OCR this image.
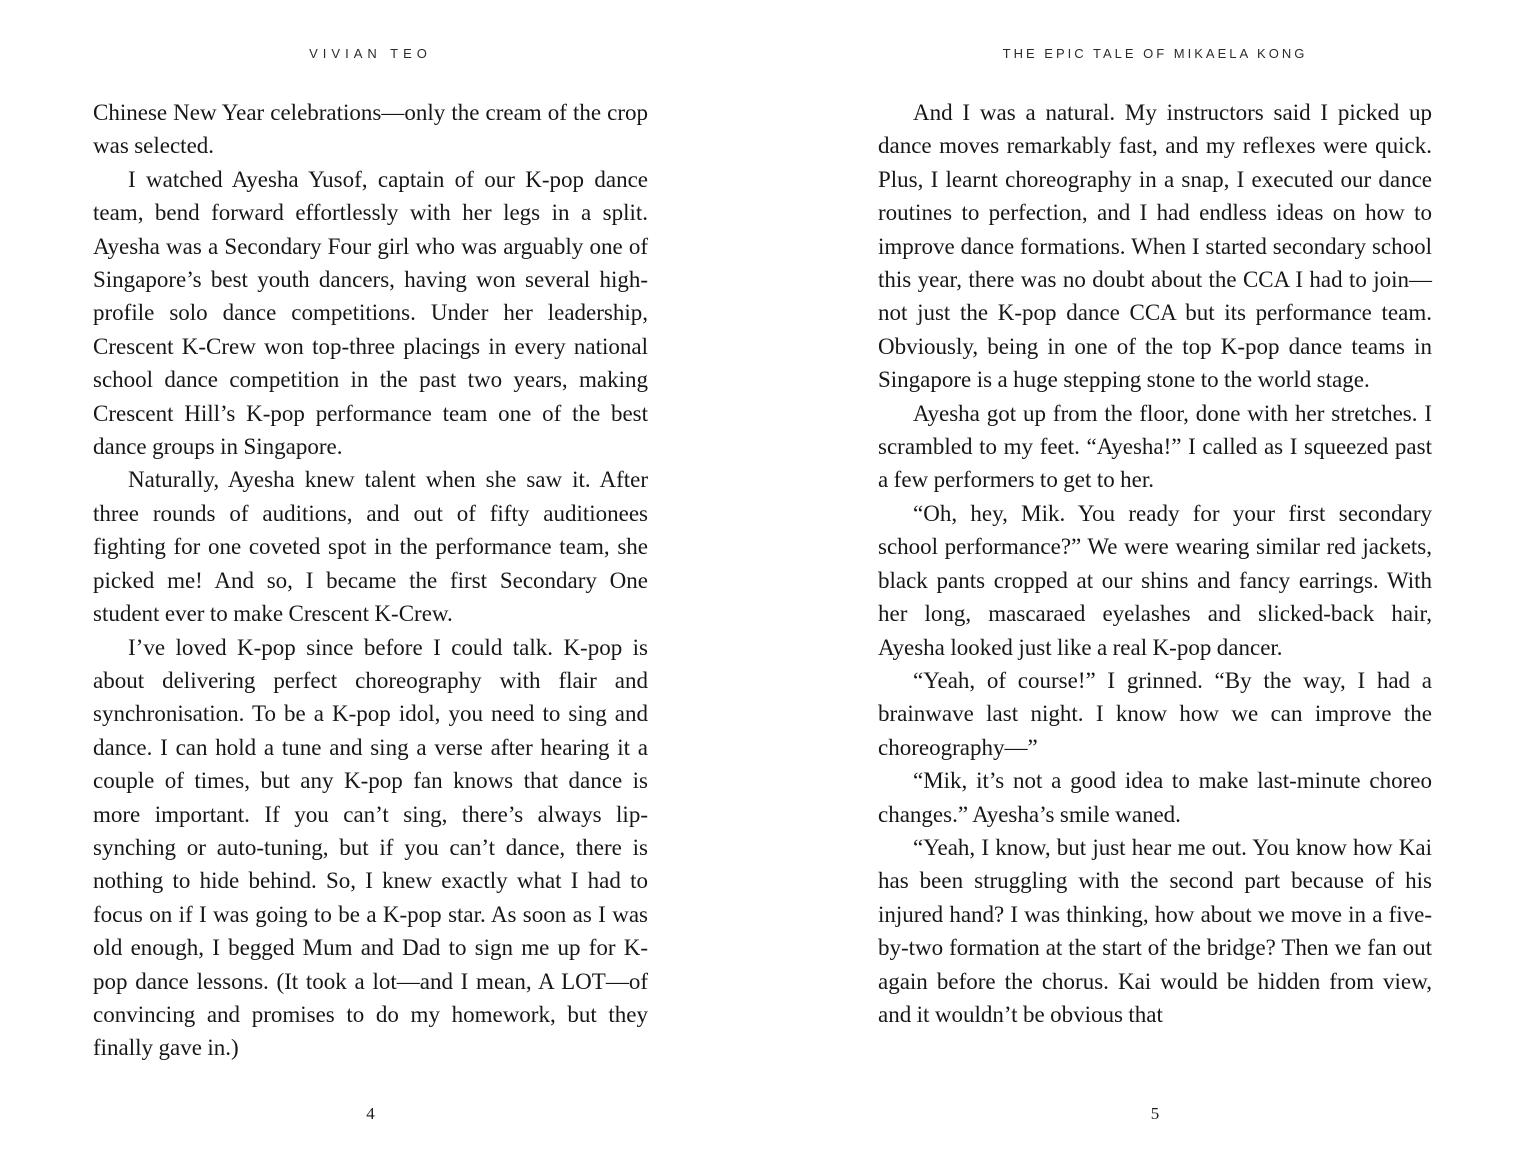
VIVIAN TEO

Chinese New Year celebrations—only the cream of the crop was selected.

I watched Ayesha Yusof, captain of our K-pop dance team, bend forward effortlessly with her legs in a split. Ayesha was a Secondary Four girl who was arguably one of Singapore’s best youth dancers, having won several high-profile solo dance competitions. Under her leadership, Crescent K-Crew won top-three placings in every national school dance competition in the past two years, making Crescent Hill’s K-pop performance team one of the best dance groups in Singapore.

Naturally, Ayesha knew talent when she saw it. After three rounds of auditions, and out of fifty auditionees fighting for one coveted spot in the performance team, she picked me! And so, I became the first Secondary One student ever to make Crescent K-Crew.

I’ve loved K-pop since before I could talk. K-pop is about delivering perfect choreography with flair and synchronisation. To be a K-pop idol, you need to sing and dance. I can hold a tune and sing a verse after hearing it a couple of times, but any K-pop fan knows that dance is more important. If you can’t sing, there’s always lip-synching or auto-tuning, but if you can’t dance, there is nothing to hide behind. So, I knew exactly what I had to focus on if I was going to be a K-pop star. As soon as I was old enough, I begged Mum and Dad to sign me up for K-pop dance lessons. (It took a lot—and I mean, A LOT—of convincing and promises to do my homework, but they finally gave in.)

4
THE EPIC TALE OF MIKAELA KONG

And I was a natural. My instructors said I picked up dance moves remarkably fast, and my reflexes were quick. Plus, I learnt choreography in a snap, I executed our dance routines to perfection, and I had endless ideas on how to improve dance formations. When I started secondary school this year, there was no doubt about the CCA I had to join—not just the K-pop dance CCA but its performance team. Obviously, being in one of the top K-pop dance teams in Singapore is a huge stepping stone to the world stage.

Ayesha got up from the floor, done with her stretches. I scrambled to my feet. “Ayesha!” I called as I squeezed past a few performers to get to her.

“Oh, hey, Mik. You ready for your first secondary school performance?” We were wearing similar red jackets, black pants cropped at our shins and fancy earrings. With her long, mascaraed eyelashes and slicked-back hair, Ayesha looked just like a real K-pop dancer.

“Yeah, of course!” I grinned. “By the way, I had a brainwave last night. I know how we can improve the choreography—”

“Mik, it’s not a good idea to make last-minute choreo changes.” Ayesha’s smile waned.

“Yeah, I know, but just hear me out. You know how Kai has been struggling with the second part because of his injured hand? I was thinking, how about we move in a five-by-two formation at the start of the bridge? Then we fan out again before the chorus. Kai would be hidden from view, and it wouldn’t be obvious that

5
